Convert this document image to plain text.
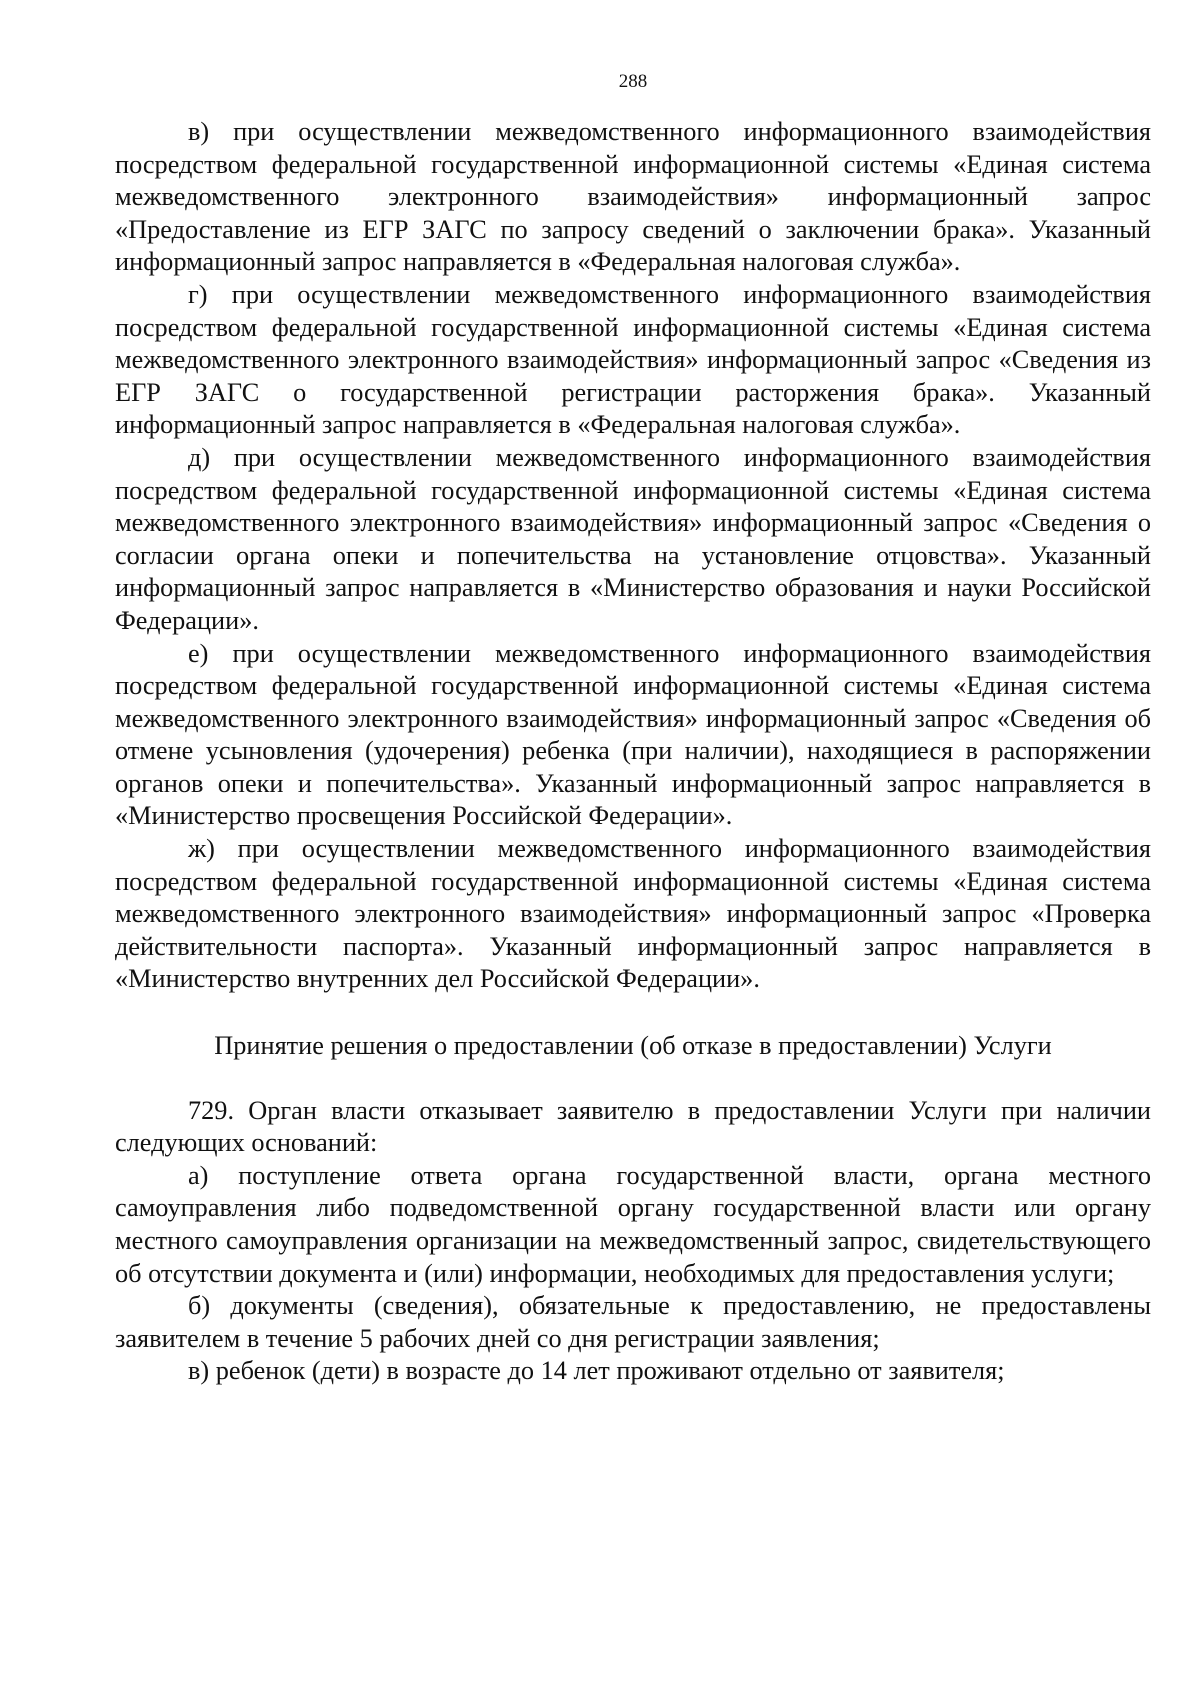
288

в) при осуществлении межведомственного информационного взаимодействия посредством федеральной государственной информационной системы «Единая система межведомственного электронного взаимодействия» информационный запрос «Предоставление из ЕГР ЗАГС по запросу сведений о заключении брака». Указанный информационный запрос направляется в «Федеральная налоговая служба».

г) при осуществлении межведомственного информационного взаимодействия посредством федеральной государственной информационной системы «Единая система межведомственного электронного взаимодействия» информационный запрос «Сведения из ЕГР ЗАГС о государственной регистрации расторжения брака». Указанный информационный запрос направляется в «Федеральная налоговая служба».

д) при осуществлении межведомственного информационного взаимодействия посредством федеральной государственной информационной системы «Единая система межведомственного электронного взаимодействия» информационный запрос «Сведения о согласии органа опеки и попечительства на установление отцовства». Указанный информационный запрос направляется в «Министерство образования и науки Российской Федерации».

е) при осуществлении межведомственного информационного взаимодействия посредством федеральной государственной информационной системы «Единая система межведомственного электронного взаимодействия» информационный запрос «Сведения об отмене усыновления (удочерения) ребенка (при наличии), находящиеся в распоряжении органов опеки и попечительства». Указанный информационный запрос направляется в «Министерство просвещения Российской Федерации».

ж) при осуществлении межведомственного информационного взаимодействия посредством федеральной государственной информационной системы «Единая система межведомственного электронного взаимодействия» информационный запрос «Проверка действительности паспорта». Указанный информационный запрос направляется в «Министерство внутренних дел Российской Федерации».

Принятие решения о предоставлении (об отказе в предоставлении) Услуги

729. Орган власти отказывает заявителю в предоставлении Услуги при наличии следующих оснований:

а) поступление ответа органа государственной власти, органа местного самоуправления либо подведомственной органу государственной власти или органу местного самоуправления организации на межведомственный запрос, свидетельствующего об отсутствии документа и (или) информации, необходимых для предоставления услуги;

б) документы (сведения), обязательные к предоставлению, не предоставлены заявителем в течение 5 рабочих дней со дня регистрации заявления;

в) ребенок (дети) в возрасте до 14 лет проживают отдельно от заявителя;
